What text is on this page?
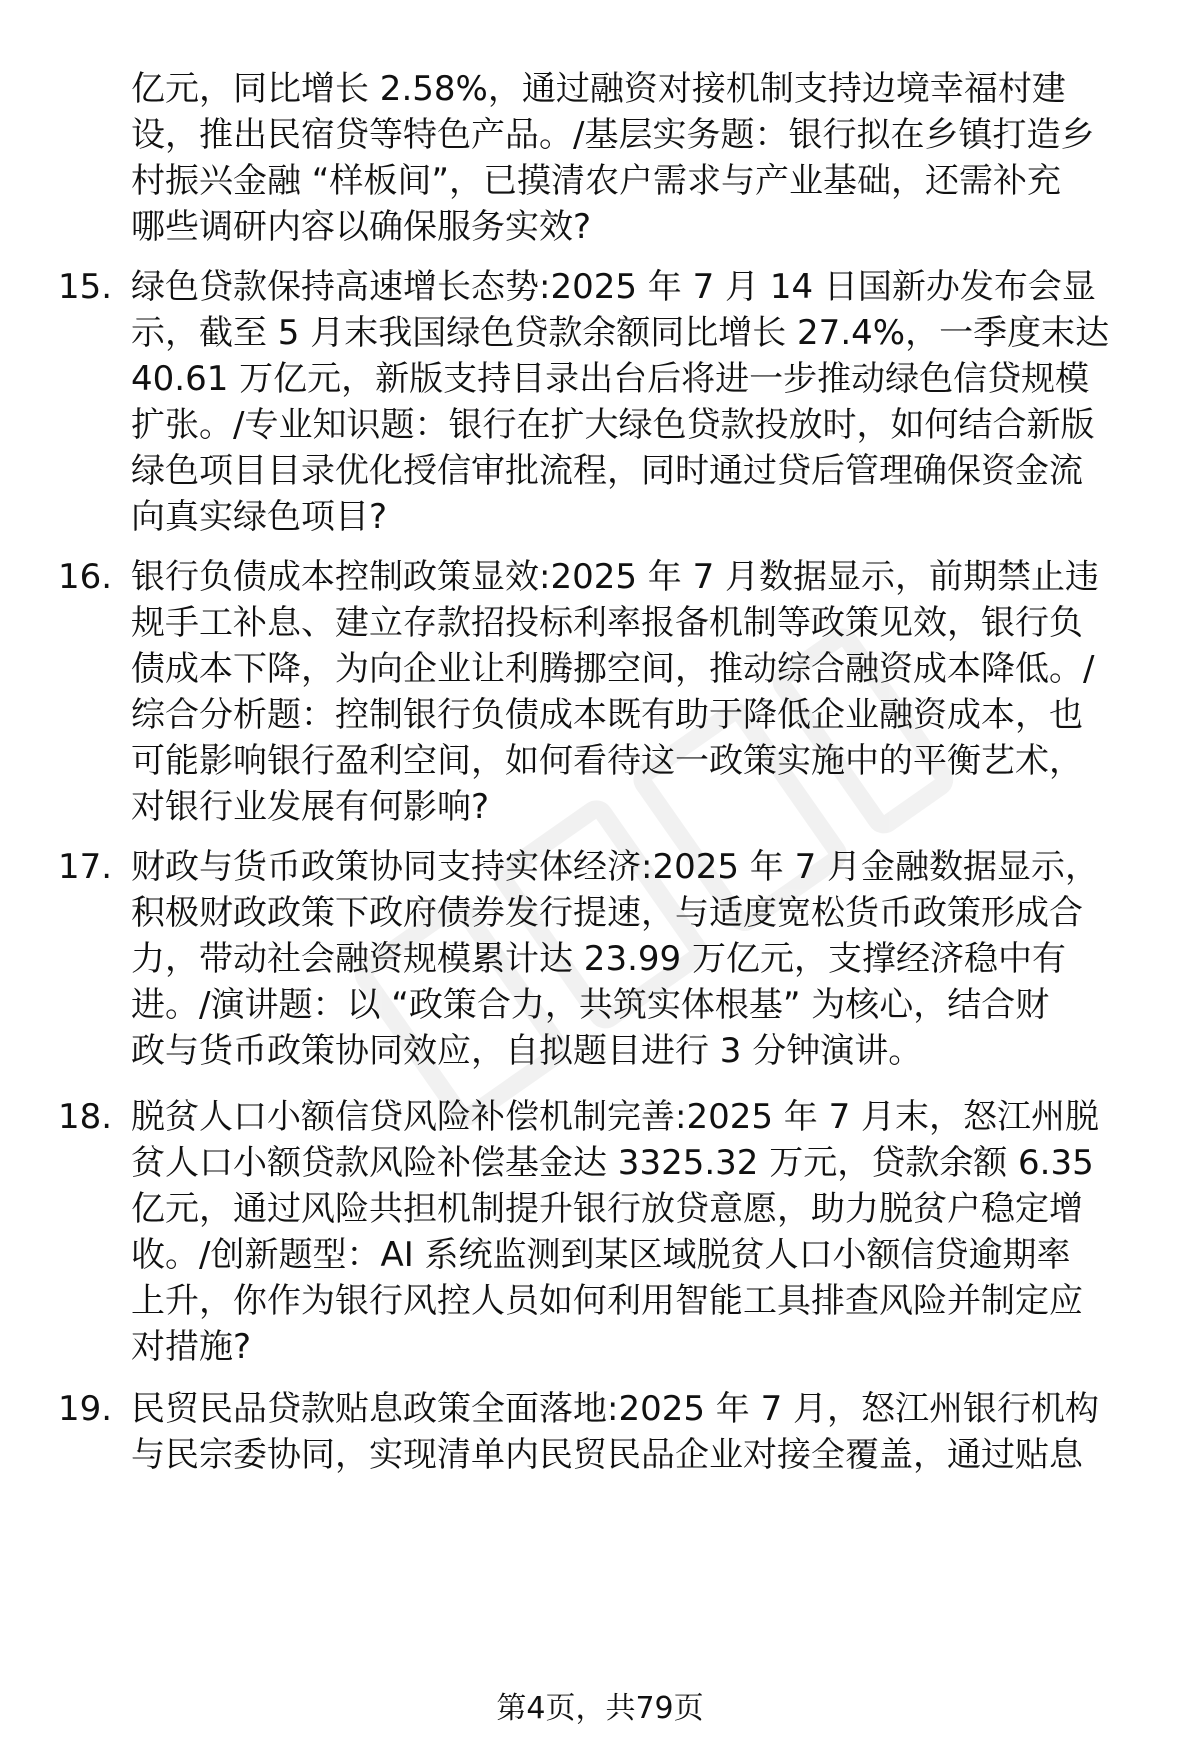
亿元，同比增长 2.58%，通过融资对接机制支持边境幸福村建
设，推出民宿贷等特色产品。/基层实务题：银行拟在乡镇打造乡
村振兴金融 “样板间”，已摸清农户需求与产业基础，还需补充
哪些调研内容以确保服务实效?
15. 绿色贷款保持高速增长态势:2025 年 7 月 14 日国新办发布会显
示，截至 5 月末我国绿色贷款余额同比增长 27.4%，一季度末达
40.61 万亿元，新版支持目录出台后将进一步推动绿色信贷规模
扩张。/专业知识题：银行在扩大绿色贷款投放时，如何结合新版
绿色项目目录优化授信审批流程，同时通过贷后管理确保资金流
向真实绿色项目?
16. 银行负债成本控制政策显效:2025 年 7 月数据显示，前期禁止违
规手工补息、建立存款招投标利率报备机制等政策见效，银行负
债成本下降，为向企业让利腾挪空间，推动综合融资成本降低。/
综合分析题：控制银行负债成本既有助于降低企业融资成本，也
可能影响银行盈利空间，如何看待这一政策实施中的平衡艺术，
对银行业发展有何影响?
17. 财政与货币政策协同支持实体经济:2025 年 7 月金融数据显示，
积极财政政策下政府债券发行提速，与适度宽松货币政策形成合
力，带动社会融资规模累计达 23.99 万亿元，支撑经济稳中有
进。/演讲题：以 “政策合力，共筑实体根基” 为核心，结合财
政与货币政策协同效应，自拟题目进行 3 分钟演讲。
18. 脱贫人口小额信贷风险补偿机制完善:2025 年 7 月末，怒江州脱
贫人口小额贷款风险补偿基金达 3325.32 万元，贷款余额 6.35
亿元，通过风险共担机制提升银行放贷意愿，助力脱贫户稳定增
收。/创新题型：AI 系统监测到某区域脱贫人口小额信贷逾期率
上升，你作为银行风控人员如何利用智能工具排查风险并制定应
对措施?
19. 民贸民品贷款贴息政策全面落地:2025 年 7 月，怒江州银行机构
与民宗委协同，实现清单内民贸民品企业对接全覆盖，通过贴息
第4页，共79页
